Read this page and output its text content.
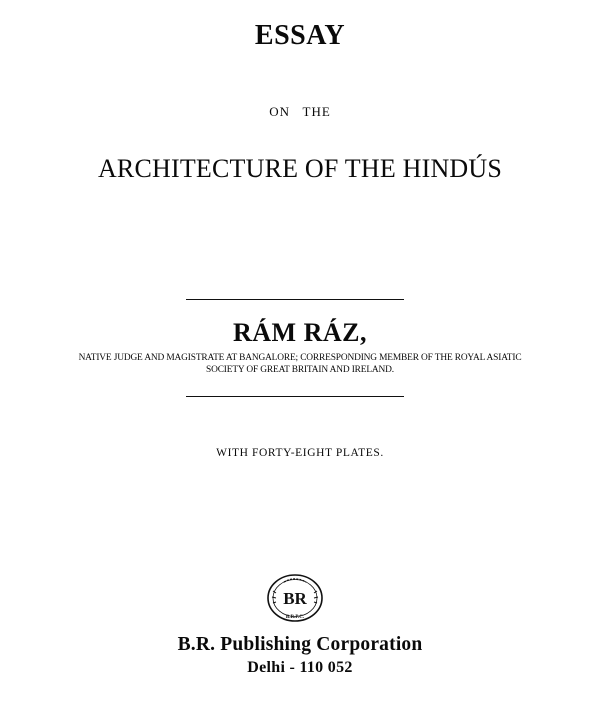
ESSAY
ON   THE
ARCHITECTURE OF THE HINDÚS
RÁM RÁZ,
NATIVE JUDGE AND MAGISTRATE AT BANGALORE; CORRESPONDING MEMBER OF THE ROYAL ASIATIC
SOCIETY OF GREAT BRITAIN AND IRELAND.
WITH FORTY-EIGHT PLATES.
BR
B.R.P.C.
B.R. Publishing Corporation
Delhi - 110 052
